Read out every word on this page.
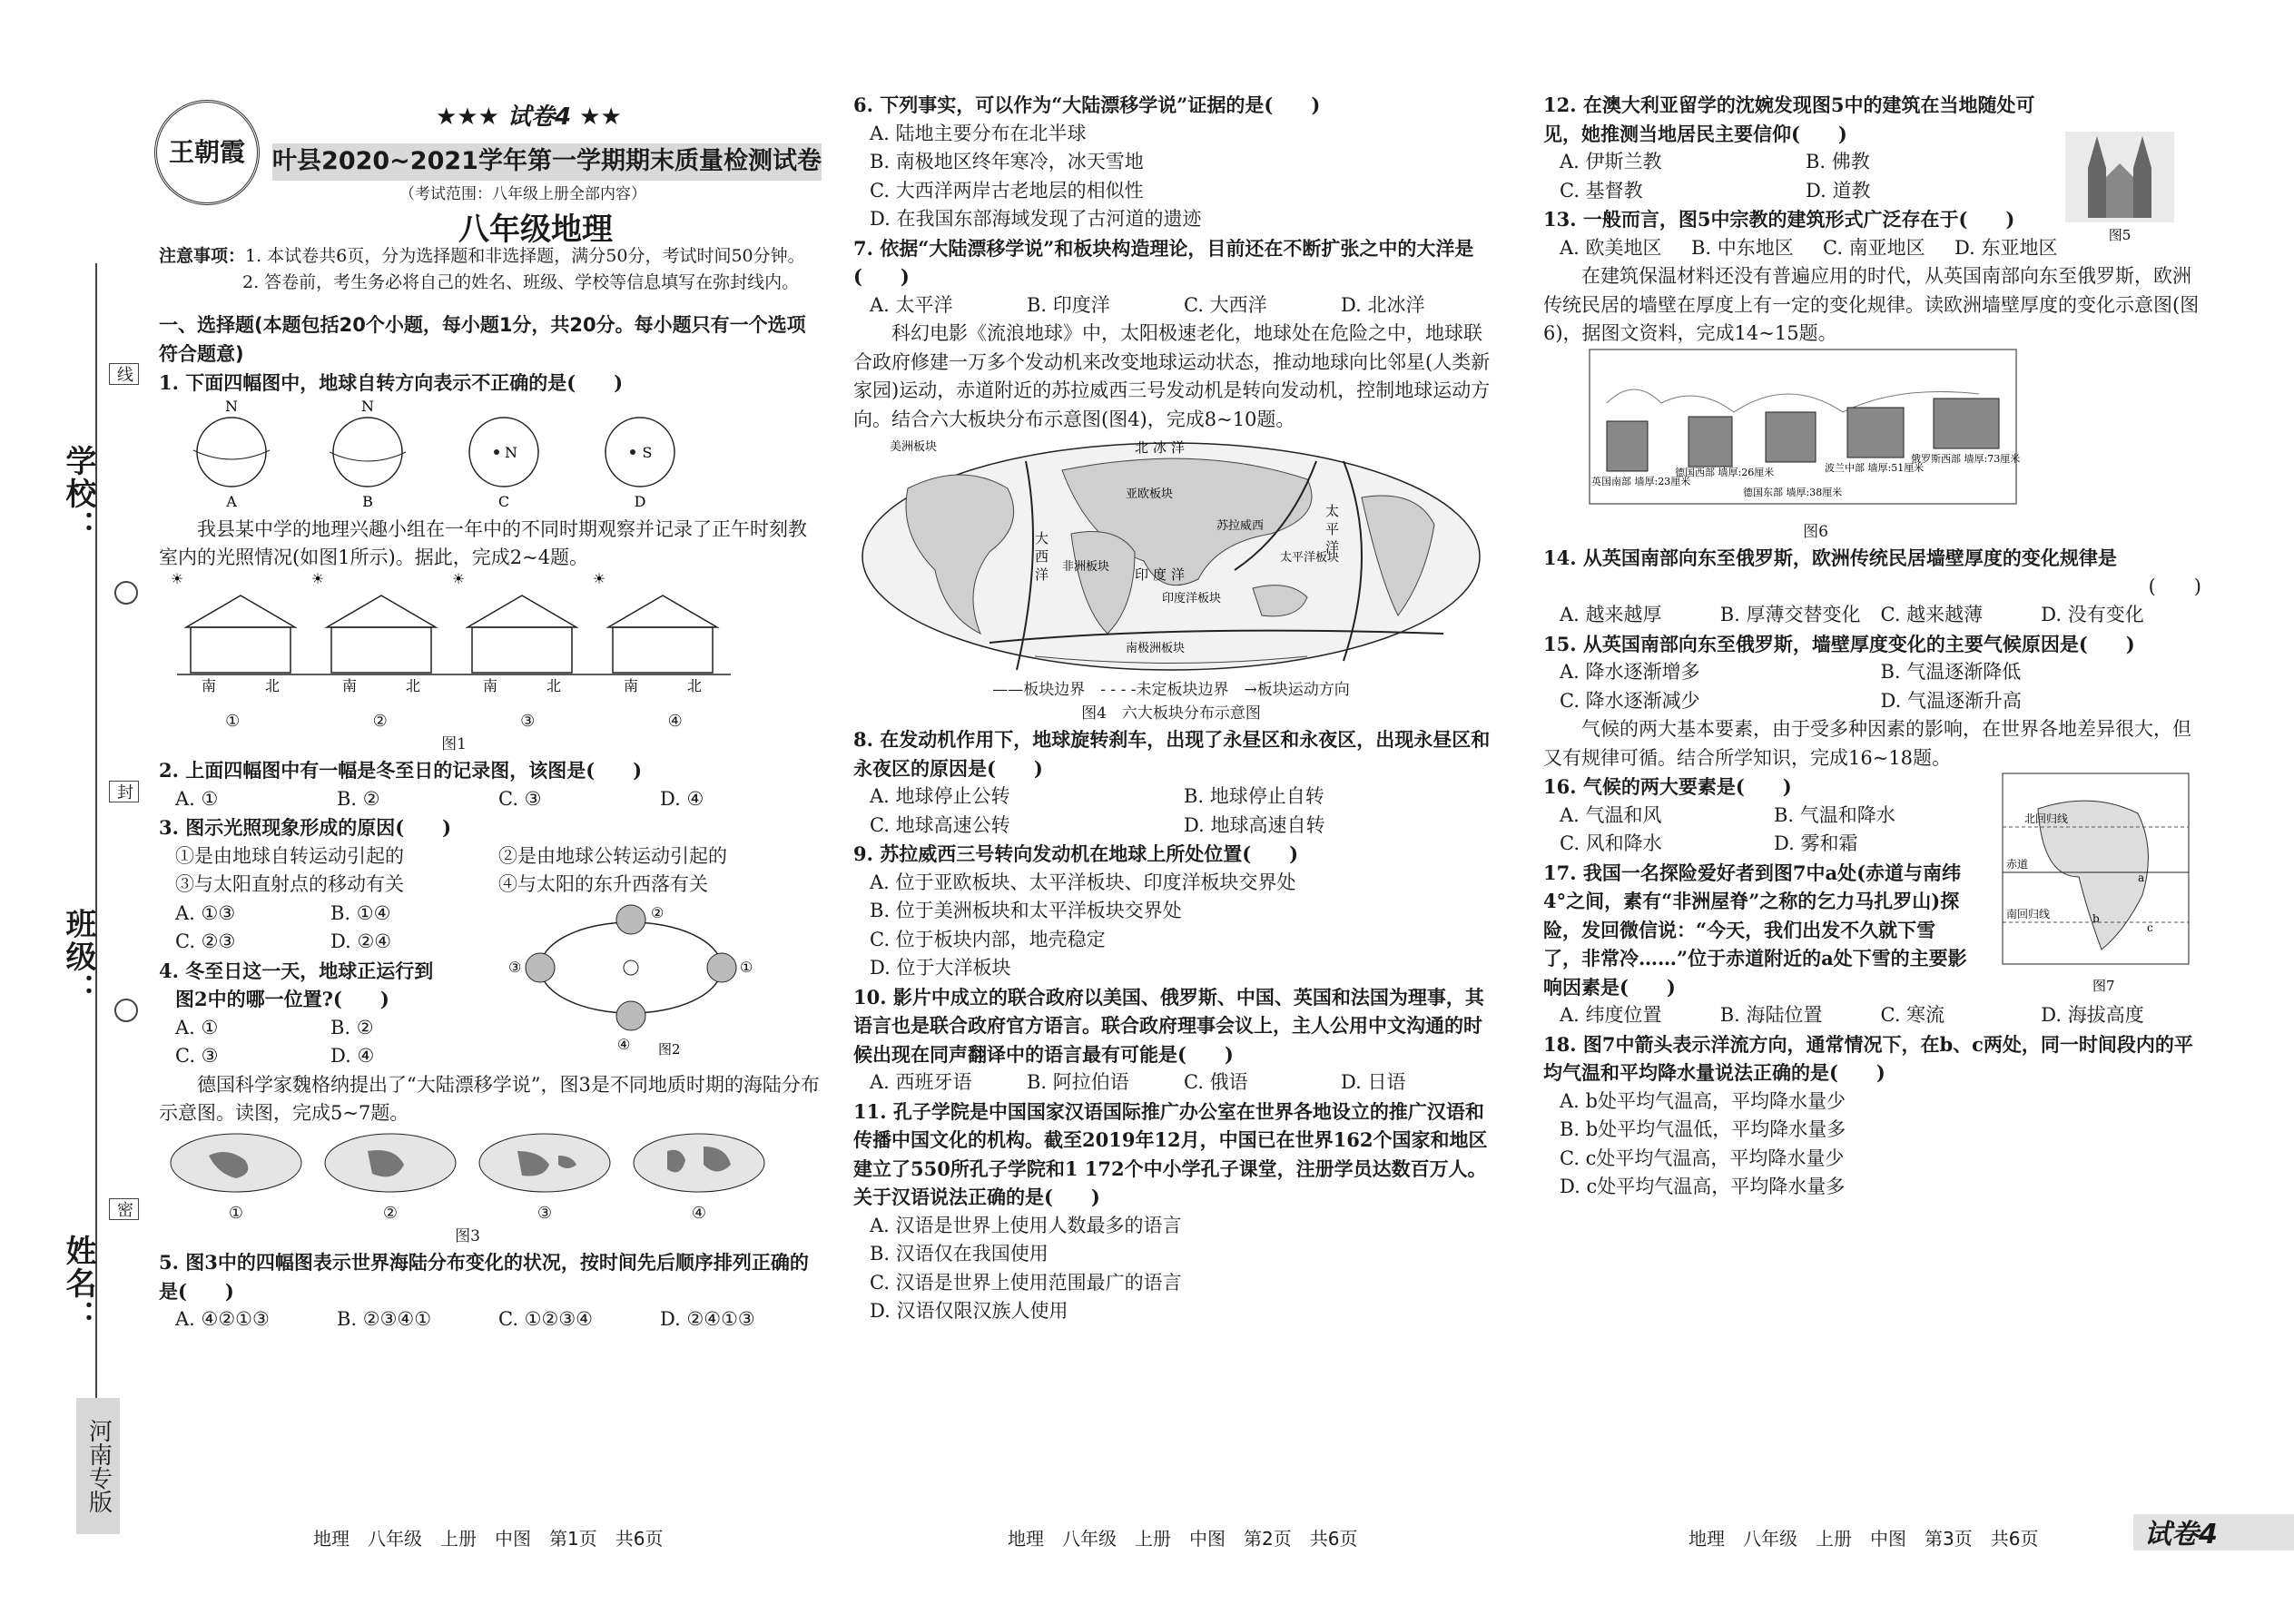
学校：
班级：
姓名：
线
封
密
河南专版
王朝霞
★★★ 试卷4 ★★
叶县2020~2021学年第一学期期末质量检测试卷
（考试范围：八年级上册全部内容）
八年级地理

注意事项：1. 本试卷共6页，分为选择题和非选择题，满分50分，考试时间50分钟。

2. 答卷前，考生务必将自己的姓名、班级、学校等信息填写在弥封线内。

一、选择题(本题包括20个小题，每小题1分，共20分。每小题只有一个选项符合题意)

1. 下面四幅图中，地球自转方向表示不正确的是(　　)

N
A
N
B
N
C
S
D

我县某中学的地理兴趣小组在一年中的不同时期观察并记录了正午时刻教室内的光照情况(如图1所示)。据此，完成2~4题。

☀	☀	☀	☀
南	北	南	北	南	北	南	北
①	②	③	④

图1

2. 上面四幅图中有一幅是冬至日的记录图，该图是(　　)

A. ①	B. ②	C. ③	D. ④

3. 图示光照现象形成的原因(　　)

①是由地球自转运动引起的	②是由地球公转运动引起的
③与太阳直射点的移动有关	④与太阳的东升西落有关
A. ①③	B. ①④
C. ②③	D. ②④

4. 冬至日这一天，地球正运行到

图2中的哪一位置?(　　)

A. ①	B. ②
C. ③	D. ④
①
②
③
④ 图2

德国科学家魏格纳提出了“大陆漂移学说”，图3是不同地质时期的海陆分布示意图。读图，完成5~7题。

①	②	③	④

图3

5. 图3中的四幅图表示世界海陆分布变化的状况，按时间先后顺序排列正确的是(　　)

A. ④②①③	B. ②③④①	C. ①②③④	D. ②④①③

6. 下列事实，可以作为“大陆漂移学说”证据的是(　　)

A. 陆地主要分布在北半球

B. 南极地区终年寒冷，冰天雪地

C. 大西洋两岸古老地层的相似性

D. 在我国东部海域发现了古河道的遗迹

7. 依据“大陆漂移学说”和板块构造理论，目前还在不断扩张之中的大洋是(　　)

A. 太平洋	B. 印度洋	C. 大西洋	D. 北冰洋

科幻电影《流浪地球》中，太阳极速老化，地球处在危险之中，地球联合政府修建一万多个发动机来改变地球运动状态，推动地球向比邻星(人类新家园)运动，赤道附近的苏拉威西三号发动机是转向发动机，控制地球运动方向。结合六大板块分布示意图(图4)，完成8~10题。

美洲板块
亚欧板块
非洲板块
印度洋板块
太平洋板块
南极洲板块
苏拉威西
印 度 洋
太
平
洋
大
西
洋
北 冰 洋

——板块边界　- - - -未定板块边界　→板块运动方向

图4　六大板块分布示意图

8. 在发动机作用下，地球旋转刹车，出现了永昼区和永夜区，出现永昼区和永夜区的原因是(　　)

A. 地球停止公转	B. 地球停止自转
C. 地球高速公转	D. 地球高速自转

9. 苏拉威西三号转向发动机在地球上所处位置(　　)

A. 位于亚欧板块、太平洋板块、印度洋板块交界处

B. 位于美洲板块和太平洋板块交界处

C. 位于板块内部，地壳稳定

D. 位于大洋板块

10. 影片中成立的联合政府以美国、俄罗斯、中国、英国和法国为理事，其语言也是联合政府官方语言。联合政府理事会议上，主人公用中文沟通的时候出现在同声翻译中的语言最有可能是(　　)

A. 西班牙语	B. 阿拉伯语	C. 俄语	D. 日语

11. 孔子学院是中国国家汉语国际推广办公室在世界各地设立的推广汉语和传播中国文化的机构。截至2019年12月，中国已在世界162个国家和地区建立了550所孔子学院和1 172个中小学孔子课堂，注册学员达数百万人。关于汉语说法正确的是(　　)

A. 汉语是世界上使用人数最多的语言

B. 汉语仅在我国使用

C. 汉语是世界上使用范围最广的语言

D. 汉语仅限汉族人使用

12. 在澳大利亚留学的沈婉发现图5中的建筑在当地随处可见，她推测当地居民主要信仰(　　)

A. 伊斯兰教	B. 佛教
C. 基督教	D. 道教
图5

13. 一般而言，图5中宗教的建筑形式广泛存在于(　　)

A. 欧美地区	B. 中东地区	C. 南亚地区	D. 东亚地区

在建筑保温材料还没有普遍应用的时代，从英国南部向东至俄罗斯，欧洲传统民居的墙壁在厚度上有一定的变化规律。读欧洲墙壁厚度的变化示意图(图6)，据图文资料，完成14~15题。

英国南部 墙厚:23厘米
德国西部 墙厚:26厘米
德国东部 墙厚:38厘米
波兰中部 墙厚:51厘米
俄罗斯西部 墙厚:73厘米

图6

14. 从英国南部向东至俄罗斯，欧洲传统民居墙壁厚度的变化规律是

(　　)

A. 越来越厚	B. 厚薄交替变化	C. 越来越薄	D. 没有变化

15. 从英国南部向东至俄罗斯，墙壁厚度变化的主要气候原因是(　　)

A. 降水逐渐增多	B. 气温逐渐降低
C. 降水逐渐减少	D. 气温逐渐升高

气候的两大基本要素，由于受多种因素的影响，在世界各地差异很大，但又有规律可循。结合所学知识，完成16~18题。

16. 气候的两大要素是(　　)

A. 气温和风	B. 气温和降水
C. 风和降水	D. 雾和霜

17. 我国一名探险爱好者到图7中a处(赤道与南纬4°之间，素有“非洲屋脊”之称的乞力马扎罗山)探险，发回微信说：“今天，我们出发不久就下雪了，非常冷……”位于赤道附近的a处下雪的主要影响因素是(　　)

北回归线
赤道
南回归线
a
b
c
图7
A. 纬度位置	B. 海陆位置	C. 寒流	D. 海拔高度

18. 图7中箭头表示洋流方向，通常情况下，在b、c两处，同一时间段内的平均气温和平均降水量说法正确的是(　　)

A. b处平均气温高，平均降水量少

B. b处平均气温低，平均降水量多

C. c处平均气温高，平均降水量少

D. c处平均气温高，平均降水量多

地理　八年级　上册　中图　第1页　共6页	地理　八年级　上册　中图　第2页　共6页	地理　八年级　上册　中图　第3页　共6页	试卷4
